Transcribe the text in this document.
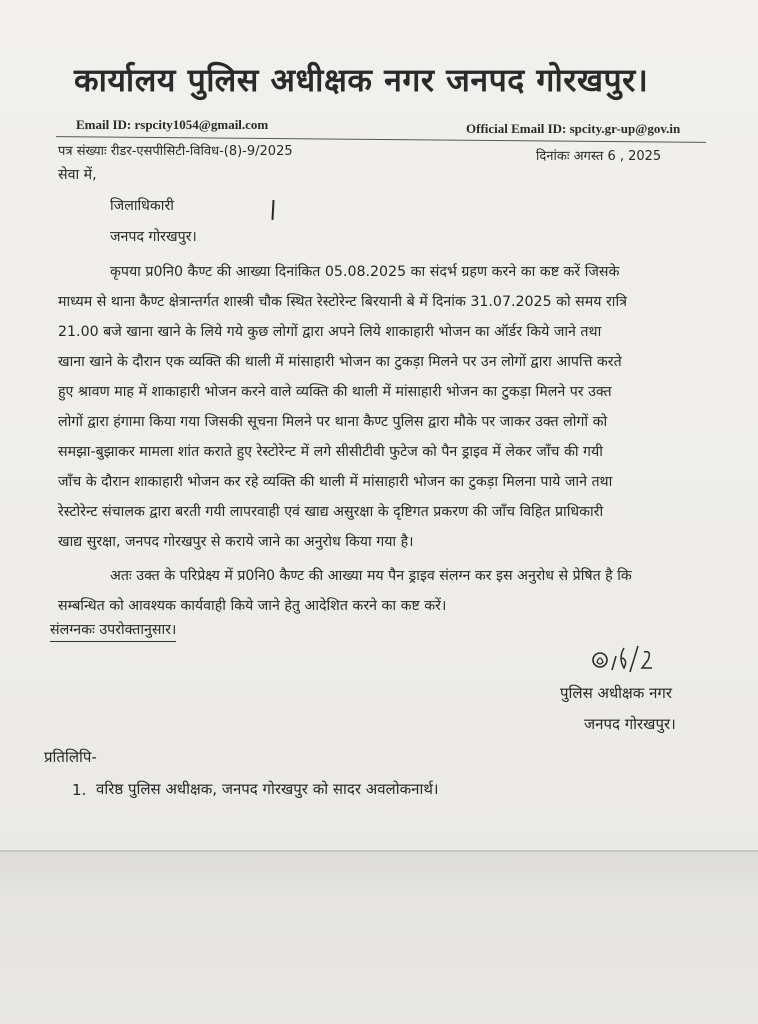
कार्यालय पुलिस अधीक्षक नगर जनपद गोरखपुर।
Email ID: rspcity1054@gmail.com	Official Email ID: spcity.gr-up@gov.in
पत्र संख्याः रीडर-एसपीसिटी-विविध-(8)-9/2025	दिनांकः अगस्त 6 , 2025
सेवा में,
जिलाधिकारी
जनपद गोरखपुर।
कृपया प्र0नि0 कैण्ट की आख्या दिनांकित 05.08.2025 का संदर्भ ग्रहण करने का कष्ट करें जिसके
माध्यम से थाना कैण्ट क्षेत्रान्तर्गत शास्त्री चौक स्थित रेस्टोरेन्ट बिरयानी बे में दिनांक 31.07.2025 को समय रात्रि
21.00 बजे खाना खाने के लिये गये कुछ लोगों द्वारा अपने लिये शाकाहारी भोजन का ऑर्डर किये जाने तथा
खाना खाने के दौरान एक व्यक्ति की थाली में मांसाहारी भोजन का टुकड़ा मिलने पर उन लोगों द्वारा आपत्ति करते
हुए श्रावण माह में शाकाहारी भोजन करने वाले व्यक्ति की थाली में मांसाहारी भोजन का टुकड़ा मिलने पर उक्त
लोगों द्वारा हंगामा किया गया जिसकी सूचना मिलने पर थाना कैण्ट पुलिस द्वारा मौके पर जाकर उक्त लोगों को
समझा-बुझाकर मामला शांत कराते हुए रेस्टोरेन्ट में लगे सीसीटीवी फुटेज को पैन ड्राइव में लेकर जाँच की गयी
जाँच के दौरान शाकाहारी भोजन कर रहे व्यक्ति की थाली में मांसाहारी भोजन का टुकड़ा मिलना पाये जाने तथा
रेस्टोरेन्ट संचालक द्वारा बरती गयी लापरवाही एवं खाद्य असुरक्षा के दृष्टिगत प्रकरण की जाँच विहित प्राधिकारी
खाद्य सुरक्षा, जनपद गोरखपुर से कराये जाने का अनुरोध किया गया है।
अतः उक्त के परिप्रेक्ष्य में प्र0नि0 कैण्ट की आख्या मय पैन ड्राइव संलग्न कर इस अनुरोध से प्रेषित है कि
सम्बन्धित को आवश्यक कार्यवाही किये जाने हेतु आदेशित करने का कष्ट करें।
संलग्नकः उपरोक्तानुसार।
पुलिस अधीक्षक नगर
जनपद गोरखपुर।
प्रतिलिपि-
1. वरिष्ठ पुलिस अधीक्षक, जनपद गोरखपुर को सादर अवलोकनार्थ।
